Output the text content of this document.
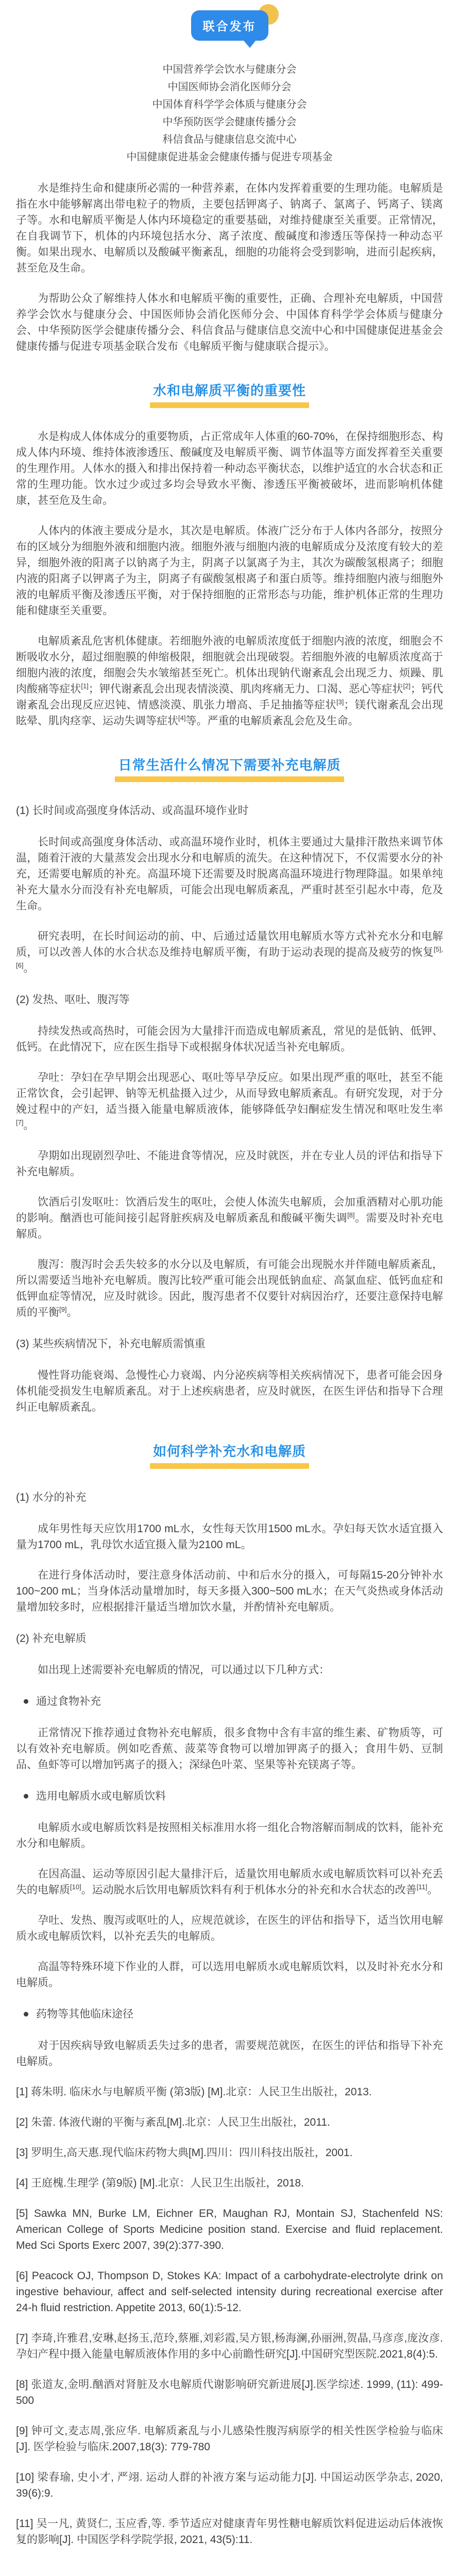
联合发布
中国营养学会饮水与健康分会
中国医师协会消化医师分会
中国体育科学学会体质与健康分会
中华预防医学会健康传播分会
科信食品与健康信息交流中心
中国健康促进基金会健康传播与促进专项基金
水是维持生命和健康所必需的一种营养素，在体内发挥着重要的生理功能。电解质是指在水中能够解离出带电粒子的物质，主要包括钾离子、钠离子、氯离子、钙离子、镁离子等。水和电解质平衡是人体内环境稳定的重要基础，对维持健康至关重要。正常情况，在自我调节下，机体的内环境包括水分、离子浓度、酸碱度和渗透压等保持一种动态平衡。如果出现水、电解质以及酸碱平衡紊乱，细胞的功能将会受到影响，进而引起疾病，甚至危及生命。
为帮助公众了解维持人体水和电解质平衡的重要性，正确、合理补充电解质，中国营养学会饮水与健康分会、中国医师协会消化医师分会、中国体育科学学会体质与健康分会、中华预防医学会健康传播分会、科信食品与健康信息交流中心和中国健康促进基金会健康传播与促进专项基金联合发布《电解质平衡与健康联合提示》。
水和电解质平衡的重要性
水是构成人体体成分的重要物质，占正常成年人体重的60-70%，在保持细胞形态、构成人体内环境、维持体液渗透压、酸碱度及电解质平衡、调节体温等方面发挥着至关重要的生理作用。人体水的摄入和排出保持着一种动态平衡状态，以维护适宜的水合状态和正常的生理功能。饮水过少或过多均会导致水平衡、渗透压平衡被破坏，进而影响机体健康，甚至危及生命。
人体内的体液主要成分是水，其次是电解质。体液广泛分布于人体内各部分，按照分布的区域分为细胞外液和细胞内液。细胞外液与细胞内液的电解质成分及浓度有较大的差异，细胞外液的阳离子以钠离子为主，阴离子以氯离子为主，其次为碳酸氢根离子；细胞内液的阳离子以钾离子为主，阴离子有碳酸氢根离子和蛋白质等。维持细胞内液与细胞外液的电解质平衡及渗透压平衡，对于保持细胞的正常形态与功能，维护机体正常的生理功能和健康至关重要。
电解质紊乱危害机体健康。若细胞外液的电解质浓度低于细胞内液的浓度，细胞会不断吸收水分，超过细胞膜的伸缩极限，细胞就会出现破裂。若细胞外液的电解质浓度高于细胞内液的浓度，细胞会失水皱缩甚至死亡。机体出现钠代谢紊乱会出现乏力、烦躁、肌肉酸痛等症状[1]；钾代谢紊乱会出现表情淡漠、肌肉疼痛无力、口渴、恶心等症状[2]；钙代谢紊乱会出现反应迟钝、情感淡漠、肌张力增高、手足抽搐等症状[3]；镁代谢紊乱会出现眩晕、肌肉痉挛、运动失调等症状[4]等。严重的电解质紊乱会危及生命。
日常生活什么情况下需要补充电解质
(1) 长时间或高强度身体活动、或高温环境作业时
长时间或高强度身体活动、或高温环境作业时，机体主要通过大量排汗散热来调节体温，随着汗液的大量蒸发会出现水分和电解质的流失。在这种情况下，不仅需要水分的补充，还需要电解质的补充。高温环境下还需要及时脱离高温环境进行物理降温。如果单纯补充大量水分而没有补充电解质，可能会出现电解质紊乱，严重时甚至引起水中毒，危及生命。
研究表明，在长时间运动的前、中、后通过适量饮用电解质水等方式补充水分和电解质，可以改善人体的水合状态及维持电解质平衡，有助于运动表现的提高及疲劳的恢复[5],[6]。
(2) 发热、呕吐、腹泻等
持续发热或高热时，可能会因为大量排汗而造成电解质紊乱，常见的是低钠、低钾、低钙。在此情况下，应在医生指导下或根据身体状况适当补充电解质。
孕吐：孕妇在孕早期会出现恶心、呕吐等早孕反应。如果出现严重的呕吐，甚至不能正常饮食，会引起钾、钠等无机盐摄入过少，从而导致电解质紊乱。有研究发现，对于分娩过程中的产妇，适当摄入能量电解质液体，能够降低孕妇酮症发生情况和呕吐发生率[7]。
孕期如出现剧烈孕吐、不能进食等情况，应及时就医，并在专业人员的评估和指导下补充电解质。
饮酒后引发呕吐：饮酒后发生的呕吐，会使人体流失电解质，会加重酒精对心肌功能的影响。酗酒也可能间接引起肾脏疾病及电解质紊乱和酸碱平衡失调[8]。需要及时补充电解质。
腹泻：腹泻时会丢失较多的水分以及电解质，有可能会出现脱水并伴随电解质紊乱，所以需要适当地补充电解质。腹泻比较严重可能会出现低钠血症、高氯血症、低钙血症和低钾血症等情况，应及时就诊。因此，腹泻患者不仅要针对病因治疗，还要注意保持电解质的平衡[9]。
(3) 某些疾病情况下，补充电解质需慎重
慢性肾功能衰竭、急慢性心力衰竭、内分泌疾病等相关疾病情况下，患者可能会因身体机能受损发生电解质紊乱。对于上述疾病患者，应及时就医，在医生评估和指导下合理纠正电解质紊乱。
如何科学补充水和电解质
(1) 水分的补充
成年男性每天应饮用1700 mL水，女性每天饮用1500 mL水。孕妇每天饮水适宜摄入量为1700 mL，乳母饮水适宜摄入量为2100 mL。
在进行身体活动时，要注意身体活动前、中和后水分的摄入，可每隔15-20分钟补水100~200 mL；当身体活动量增加时，每天多摄入300~500 mL水；在天气炎热或身体活动量增加较多时，应根据排汗量适当增加饮水量，并酌情补充电解质。
(2) 补充电解质
如出现上述需要补充电解质的情况，可以通过以下几种方式：
通过食物补充
正常情况下推荐通过食物补充电解质，很多食物中含有丰富的维生素、矿物质等，可以有效补充电解质。例如吃香蕉、菠菜等食物可以增加钾离子的摄入；食用牛奶、豆制品、鱼虾等可以增加钙离子的摄入；深绿色叶菜、坚果等补充镁离子等。
选用电解质水或电解质饮料
电解质水或电解质饮料是按照相关标准用水将一组化合物溶解而制成的饮料，能补充水分和电解质。
在因高温、运动等原因引起大量排汗后，适量饮用电解质水或电解质饮料可以补充丢失的电解质[10]。运动脱水后饮用电解质饮料有利于机体水分的补充和水合状态的改善[11]。
孕吐、发热、腹泻或呕吐的人，应规范就诊，在医生的评估和指导下，适当饮用电解质水或电解质饮料，以补充丢失的电解质。
高温等特殊环境下作业的人群，可以选用电解质水或电解质饮料，以及时补充水分和电解质。
药物等其他临床途径
对于因疾病导致电解质丢失过多的患者，需要规范就医，在医生的评估和指导下补充电解质。
[1] 蒋朱明. 临床水与电解质平衡 (第3版) [M].北京：人民卫生出版社，2013.
[2] 朱蕾. 体液代谢的平衡与紊乱[M].北京：人民卫生出版社，2011.
[3] 罗明生,高天惠.现代临床药物大典[M].四川：四川科技出版社，2001.
[4] 王庭槐.生理学 (第9版) [M].北京：人民卫生出版社，2018.
[5] Sawka MN, Burke LM, Eichner ER, Maughan RJ, Montain SJ, Stachenfeld NS: American College of Sports Medicine position stand. Exercise and fluid replacement. Med Sci Sports Exerc 2007, 39(2):377-390.
[6] Peacock OJ, Thompson D, Stokes KA: Impact of a carbohydrate-electrolyte drink on ingestive behaviour, affect and self-selected intensity during recreational exercise after 24-h fluid restriction. Appetite 2013, 60(1):5-12.
[7] 李琦,许雅君,安琳,赵扬玉,范玲,蔡雁,刘彩霞,吴方银,杨海澜,孙丽洲,贺晶,马彦彦,庞汝彦. 孕妇产程中摄入能量电解质液体作用的多中心前瞻性研究[J].中国研究型医院.2021,8(4):5.
[8] 张道友,金明.酗酒对肾脏及水电解质代谢影响研究新进展[J].医学综述. 1999, (11): 499-500
[9] 钟可文,麦志周,张应华. 电解质紊乱与小儿感染性腹泻病原学的相关性医学检验与临床[J]. 医学检验与临床.2007,18(3): 779-780
[10] 梁春瑜, 史小才, 严翊. 运动人群的补液方案与运动能力[J]. 中国运动医学杂志, 2020, 39(6):9.
[11] 吴一凡, 黄贤仁, 玉应香,等. 季节适应对健康青年男性糖电解质饮料促进运动后体液恢复的影响[J]. 中国医学科学院学报, 2021, 43(5):11.
